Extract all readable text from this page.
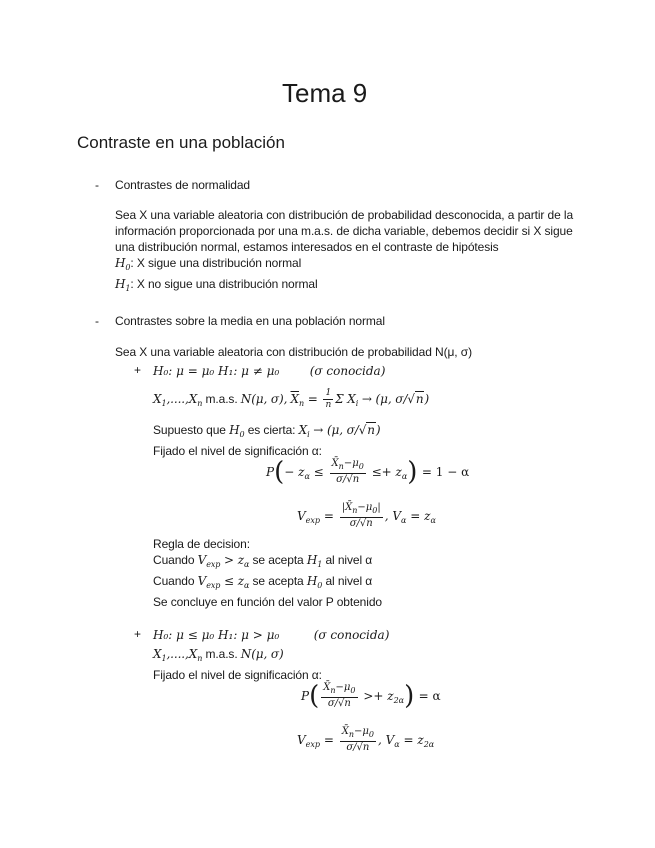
Tema 9
Contraste en una población
- Contrastes de normalidad
Sea X una variable aleatoria con distribución de probabilidad desconocida, a partir de la
información proporcionada por una m.a.s. de dicha variable, debemos decidir si X sigue
una distribución normal, estamos interesados en el contraste de hipótesis
$H_0$: X sigue una distribución normal
$H_1$: X no sigue una distribución normal
- Contrastes sobre la media en una población normal
Sea X una variable aleatoria con distribución de probabilidad N(μ, σ)
+ H₀: μ = μ₀ H₁: μ ≠ μ₀	(σ conocida)
$X_1,....,X_n$ m.a.s. N(μ, σ), $\overline{X}_n = \frac{1}{n}$ Σ $X_i \to (\mu$, σ/√n)
Supuesto que $H_0$ es cierta: $X_i \to (\mu$, σ/√n)
Fijado el nivel de significación α:
$P(- z_\alpha \le \frac{X̄_n-\mu_0}{\sigma/√n} \le+ z_\alpha) = 1 - \alpha$
$V_{exp} = \frac{|X̄_n-\mu_0|}{\sigma/√n}$ , $V_\alpha = z_\alpha$
Regla de decision:
Cuando $V_{exp} > z_\alpha$ se acepta $H_1$ al nivel α
Cuando $V_{exp} \le z_\alpha$ se acepta $H_0$ al nivel α
Se concluye en función del valor P obtenido
+ H₀: μ ≤ μ₀ H₁: μ > μ₀	(σ conocida)
$X_1,....,X_n$ m.a.s. N(μ, σ)
Fijado el nivel de significación α:
$P( \frac{X̄_n-\mu_0}{\sigma/√n} >+ z_{2\alpha}) = \alpha$
$V_{exp} = \frac{X̄_n-\mu_0}{\sigma/√n}$ , $V_\alpha = z_{2\alpha}$
